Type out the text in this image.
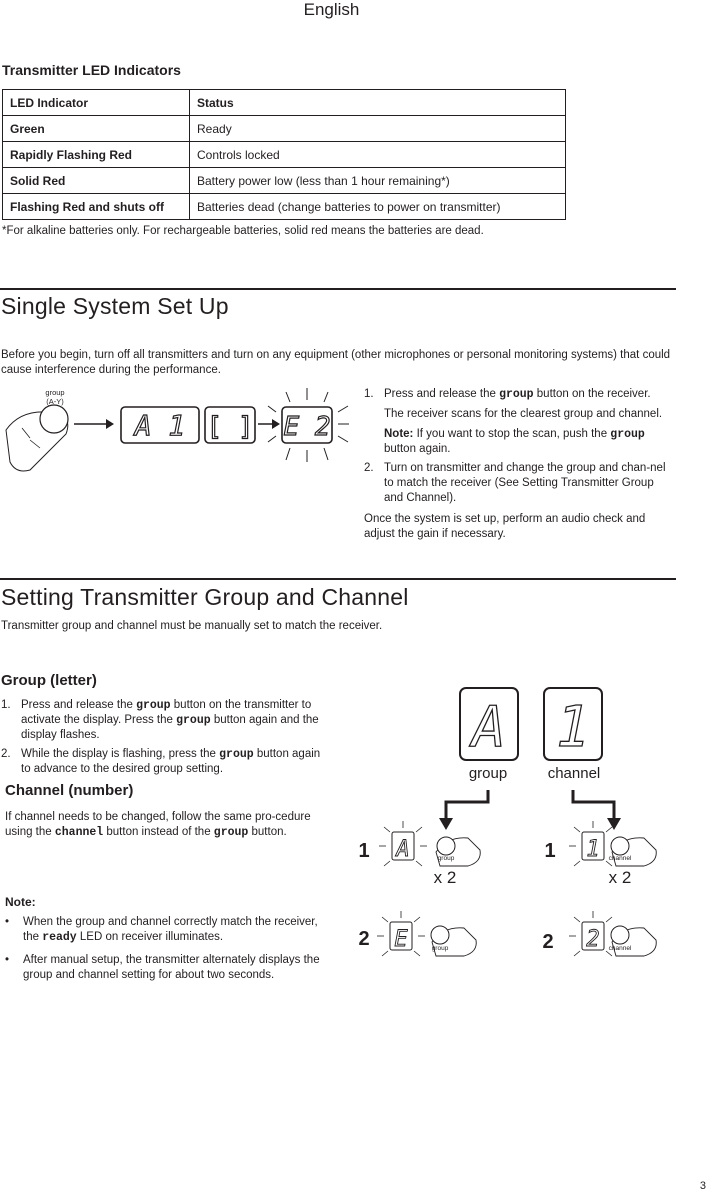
English
Transmitter LED Indicators
LED Indicator	Status
Green	Ready
Rapidly Flashing Red	Controls locked
Solid Red	Battery power low (less than 1 hour remaining*)
Flashing Red and shuts off	Batteries dead (change batteries to power on transmitter)
*For alkaline batteries only. For rechargeable batteries, solid red means the batteries are dead.
Single System Set Up
Before you begin, turn off all transmitters and turn on any equipment (other microphones or personal monitoring systems) that could cause interference during the performance.
group
(A-Y)
A 1 [ ] E 2
1. Press and release the group button on the receiver.
The receiver scans for the clearest group and channel.
Note: If you want to stop the scan, push the group button again.
2. Turn on transmitter and change the group and chan-nel to match the receiver (See Setting Transmitter Group and Channel).
Once the system is set up, perform an audio check and adjust the gain if necessary.
Setting Transmitter Group and Channel
Transmitter group and channel must be manually set to match the receiver.
Group (letter)
1. Press and release the group button on the transmitter to activate the display. Press the group button again and the display flashes.
2. While the display is flashing, press the group button again to advance to the desired group setting.
Channel (number)
If channel needs to be changed, follow the same pro-cedure using the channel button instead of the group button.
Note:
•	When the group and channel correctly match the receiver, the ready LED on receiver illuminates.
•	After manual setup, the transmitter alternately displays the group and channel setting for about two seconds.
A 1
group	channel
1
2
1
2
A	group
x 2
E	group
1 channel
x 2
2 channel
3
